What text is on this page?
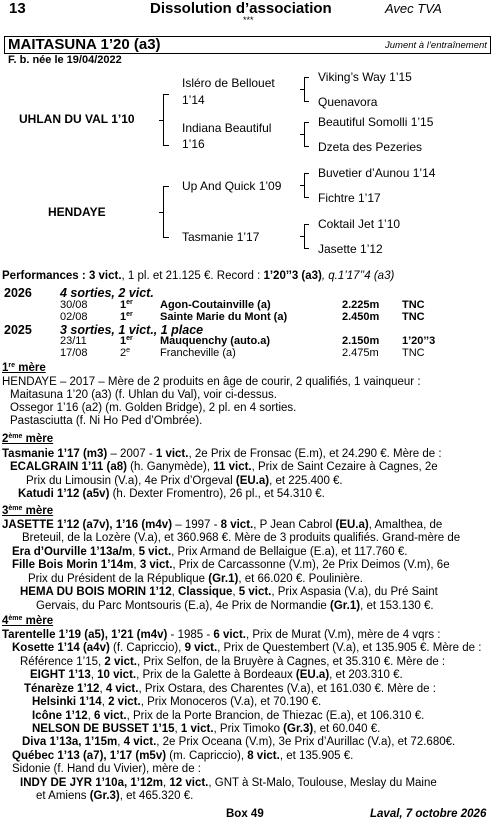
13	Dissolution d’association	Avec TVA
***
MAITASUNA 1’20 (a3)	Jument à l’entraînement
F. b. née le 19/04/2022
UHLAN DU VAL 1’10
HENDAYE
Isléro de Bellouet
1’14
Indiana Beautiful
1’16
Up And Quick 1’09
Tasmanie 1’17
Viking’s Way 1’15
Quenavora
Beautiful Somolli 1’15
Dzeta des Pezeries
Buvetier d’Aunou 1’14
Fichtre 1’17
Coktail Jet 1’10
Jasette 1’12
Performances : 3 vict., 1 pl. et 21.125 €. Record : 1’20’’3 (a3), q.1’17’’4 (a3)
2026 4 sorties, 2 vict.
30/08	1er Agon-Coutainville (a)	2.225m TNC
02/08	1er Sainte Marie du Mont (a)	2.450m TNC
2025 3 sorties, 1 vict., 1 place
23/11	1er Mauquenchy (auto.a)	2.150m 1’20’’3
17/08	2e	Francheville (a)	2.475m TNC
1re mère
HENDAYE – 2017 – Mère de 2 produits en âge de courir, 2 qualifiés, 1 vainqueur :
Maitasuna 1’20 (a3) (f. Uhlan du Val), voir ci-dessus.
Ossegor 1’16 (a2) (m. Golden Bridge), 2 pl. en 4 sorties.
Pastasciutta (f. Ni Ho Ped d’Ombrée).
2ème mère
Tasmanie 1’17 (m3) – 2007 - 1 vict., 2e Prix de Fronsac (E.m), et 24.290 €. Mère de :
ECALGRAIN 1’11 (a8) (h. Ganymède), 11 vict., Prix de Saint Cezaire à Cagnes, 2e
Prix du Limousin (V.a), 4e Prix d’Orgeval (EU.a), et 225.400 €.
Katudi 1’12 (a5v) (h. Dexter Fromentro), 26 pl., et 54.310 €.
3ème mère
JASETTE 1’12 (a7v), 1’16 (m4v) – 1997 - 8 vict., P Jean Cabrol (EU.a), Amalthea, de
Breteuil, de la Lozère (V.a), et 360.968 €. Mère de 3 produits qualifiés. Grand-mère de
Era d’Ourville 1’13a/m, 5 vict., Prix Armand de Bellaigue (E.a), et 117.760 €.
Fille Bois Morin 1’14m, 3 vict., Prix de Carcassonne (V.m), 2e Prix Deimos (V.m), 6e
Prix du Président de la République (Gr.1), et 66.020 €. Poulinière.
HEMA DU BOIS MORIN 1’12, Classique, 5 vict., Prix Aspasia (V.a), du Pré Saint
Gervais, du Parc Montsouris (E.a), 4e Prix de Normandie (Gr.1), et 153.130 €.
4ème mère
Tarentelle 1’19 (a5), 1’21 (m4v) - 1985 - 6 vict., Prix de Murat (V.m), mère de 4 vqrs :
Kosette 1’14 (a4v) (f. Capriccio), 9 vict., Prix de Questembert (V.a), et 135.905 €. Mère de :
Référence 1’15, 2 vict., Prix Selfon, de la Bruyère à Cagnes, et 35.310 €. Mère de :
EIGHT 1’13, 10 vict., Prix de la Galette à Bordeaux (EU.a), et 203.310 €.
Ténarèze 1’12, 4 vict., Prix Ostara, des Charentes (V.a), et 161.030 €. Mère de :
Helsinki 1’14, 2 vict., Prix Monoceros (V.a), et 70.190 €.
Icône 1’12, 6 vict., Prix de la Porte Brancion, de Thiezac (E.a), et 106.310 €.
NELSON DE BUSSET 1’15, 1 vict., Prix Timoko (Gr.3), et 60.040 €.
Diva 1’13a, 1’15m, 4 vict., 2e Prix Oceana (V.m), 3e Prix d’Aurillac (V.a), et 72.680€.
Québec 1’13 (a7), 1’17 (m5v) (m. Capriccio), 8 vict., et 135.905 €.
Sidonie (f. Hand du Vivier), mère de :
INDY DE JYR 1’10a, 1’12m, 12 vict., GNT à St-Malo, Toulouse, Meslay du Maine
et Amiens (Gr.3), et 465.320 €.
Box 49	Laval, 7 octobre 2026
